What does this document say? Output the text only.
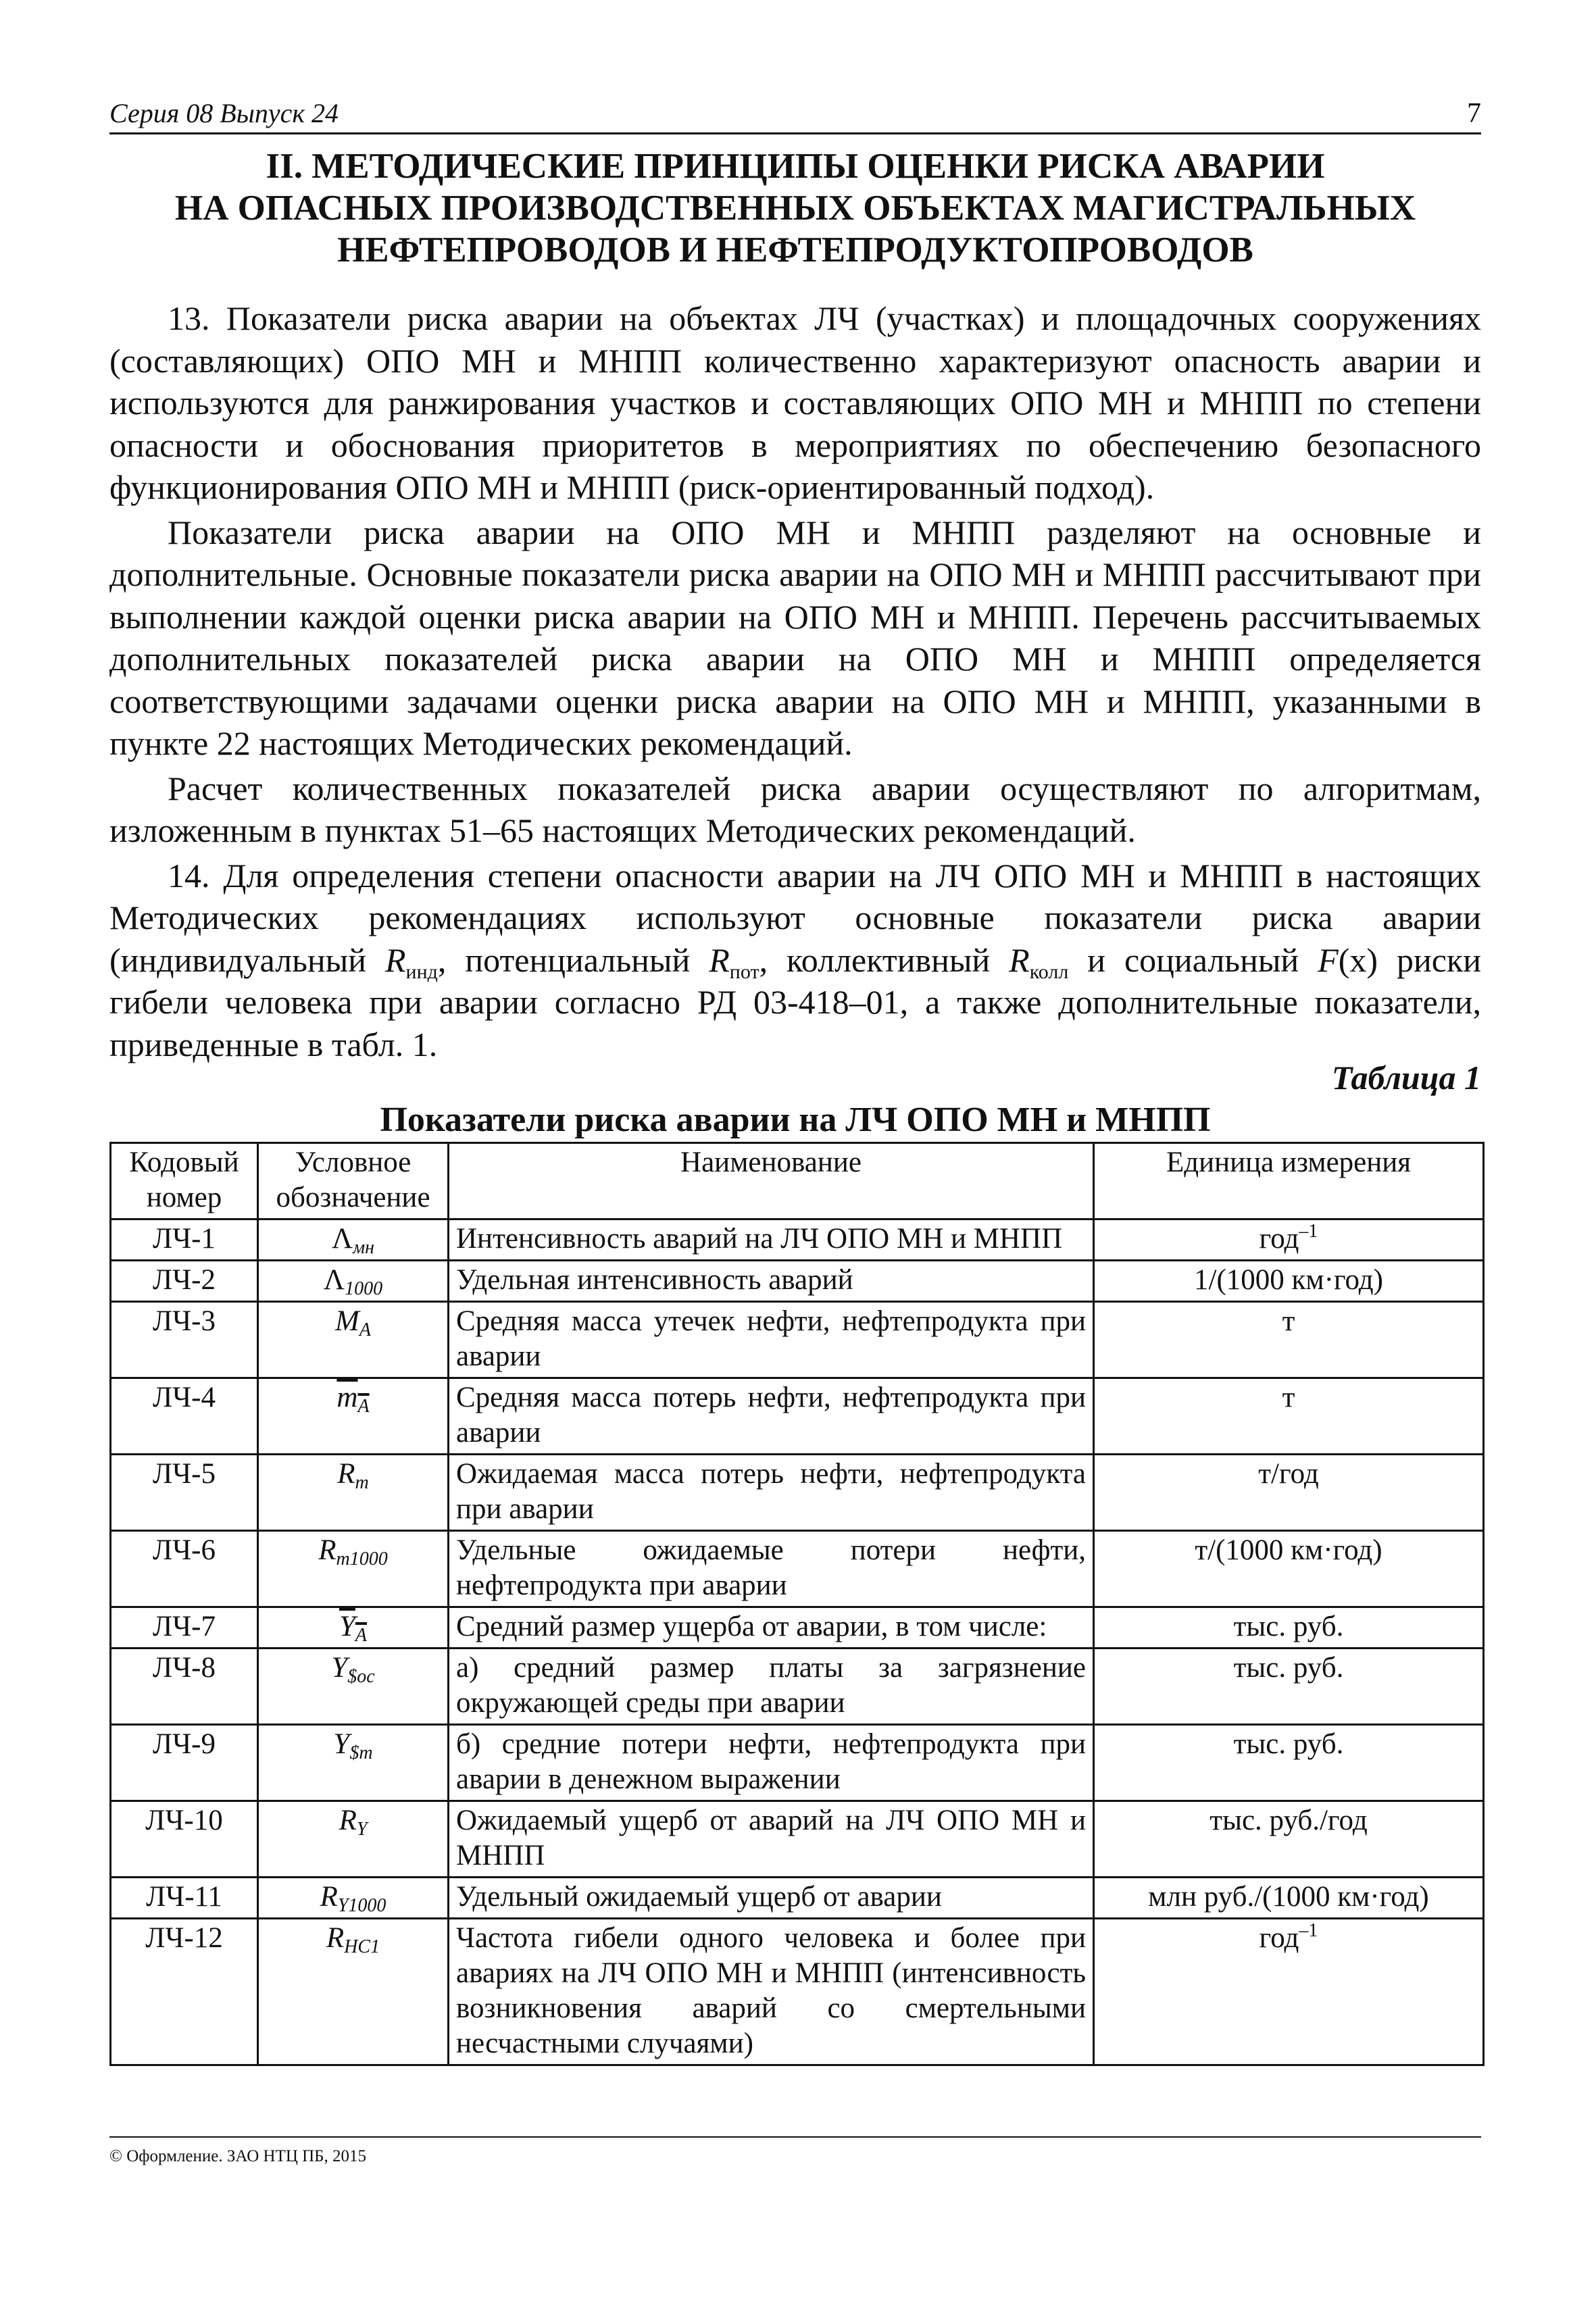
Серия 08 Выпуск 24	7
II. МЕТОДИЧЕСКИЕ ПРИНЦИПЫ ОЦЕНКИ РИСКА АВАРИИ
НА ОПАСНЫХ ПРОИЗВОДСТВЕННЫХ ОБЪЕКТАХ МАГИСТРАЛЬНЫХ
НЕФТЕПРОВОДОВ И НЕФТЕПРОДУКТОПРОВОДОВ

13. Показатели риска аварии на объектах ЛЧ (участках) и площадочных сооружениях (составляющих) ОПО МН и МНПП количественно характеризуют опасность аварии и используются для ранжирования участков и составляющих ОПО МН и МНПП по степени опасности и обоснования приоритетов в мероприятиях по обеспечению безопасного функционирования ОПО МН и МНПП (риск-ориентированный подход).

Показатели риска аварии на ОПО МН и МНПП разделяют на основные и дополнительные. Основные показатели риска аварии на ОПО МН и МНПП рассчитывают при выполнении каждой оценки риска аварии на ОПО МН и МНПП. Перечень рассчитываемых дополнительных показателей риска аварии на ОПО МН и МНПП определяется соответствующими задачами оценки риска аварии на ОПО МН и МНПП, указанными в пункте 22 настоящих Методических рекомендаций.

Расчет количественных показателей риска аварии осуществляют по алгоритмам, изложенным в пунктах 51–65 настоящих Методических рекомендаций.

14. Для определения степени опасности аварии на ЛЧ ОПО МН и МНПП в настоящих Методических рекомендациях используют основные показатели риска аварии (индивидуальный $R_{инд}$, потенциальный $R_{пот}$, коллективный $R_{колл}$ и социальный F(x) риски гибели человека при аварии согласно РД 03-418–01, а также дополнительные показатели, приведенные в табл. 1.

Таблица 1
Показатели риска аварии на ЛЧ ОПО МН и МНПП
Кодовый номер	Условное обозначение	Наименование	Единица измерения
ЛЧ-1	$\Lambda_{мн}$	Интенсивность аварий на ЛЧ ОПО МН и МНПП	год$^{-1}$
ЛЧ-2	$\Lambda_{1000}$	Удельная интенсивность аварий	1/(1000 км·год)
ЛЧ-3	$M_A$	Средняя масса утечек нефти, нефтепродукта при аварии	т
ЛЧ-4	$m_A$	Средняя масса потерь нефти, нефтепродукта при аварии	т
ЛЧ-5	$R_m$	Ожидаемая масса потерь нефти, нефтепродукта при аварии	т/год
ЛЧ-6	$R_{m1000}$	Удельные ожидаемые потери нефти, нефтепродукта при аварии	т/(1000 км·год)
ЛЧ-7	$Y_A$	Средний размер ущерба от аварии, в том числе:	тыс. руб.
ЛЧ-8	$Y_{\$ос}$	а) средний размер платы за загрязнение окружающей среды при аварии	тыс. руб.
ЛЧ-9	$Y_{\$m}$	б) средние потери нефти, нефтепродукта при аварии в денежном выражении	тыс. руб.
ЛЧ-10	$R_Y$	Ожидаемый ущерб от аварий на ЛЧ ОПО МН и МНПП	тыс. руб./год
ЛЧ-11	$R_{Y1000}$	Удельный ожидаемый ущерб от аварии	млн руб./(1000 км·год)
ЛЧ-12	$R_{НС1}$	Частота гибели одного человека и более при авариях на ЛЧ ОПО МН и МНПП (интенсивность возникновения аварий со смертельными несчастными случаями)	год$^{-1}$
© Оформление. ЗАО НТЦ ПБ, 2015
